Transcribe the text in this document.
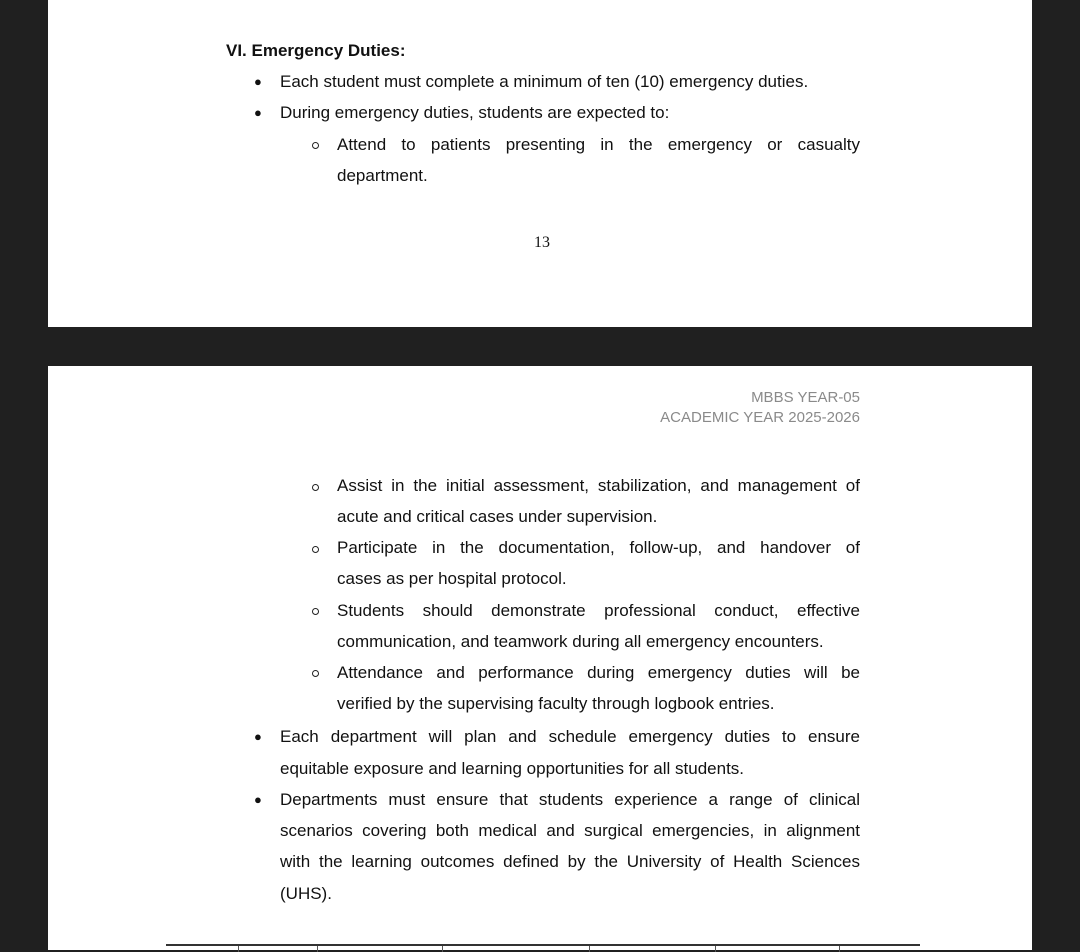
VI. Emergency Duties:
● Each student must complete a minimum of ten (10) emergency duties.
● During emergency duties, students are expected to:
Attend to patients presenting in the emergency or casualty
department.
13
MBBS YEAR-05
ACADEMIC YEAR 2025-2026
Assist in the initial assessment, stabilization, and management of
acute and critical cases under supervision.
Participate in the documentation, follow-up, and handover of
cases as per hospital protocol.
Students should demonstrate professional conduct, effective
communication, and teamwork during all emergency encounters.
Attendance and performance during emergency duties will be
verified by the supervising faculty through logbook entries.
● Each department will plan and schedule emergency duties to ensure
equitable exposure and learning opportunities for all students.
● Departments must ensure that students experience a range of clinical
scenarios covering both medical and surgical emergencies, in alignment
with the learning outcomes defined by the University of Health Sciences
(UHS).
